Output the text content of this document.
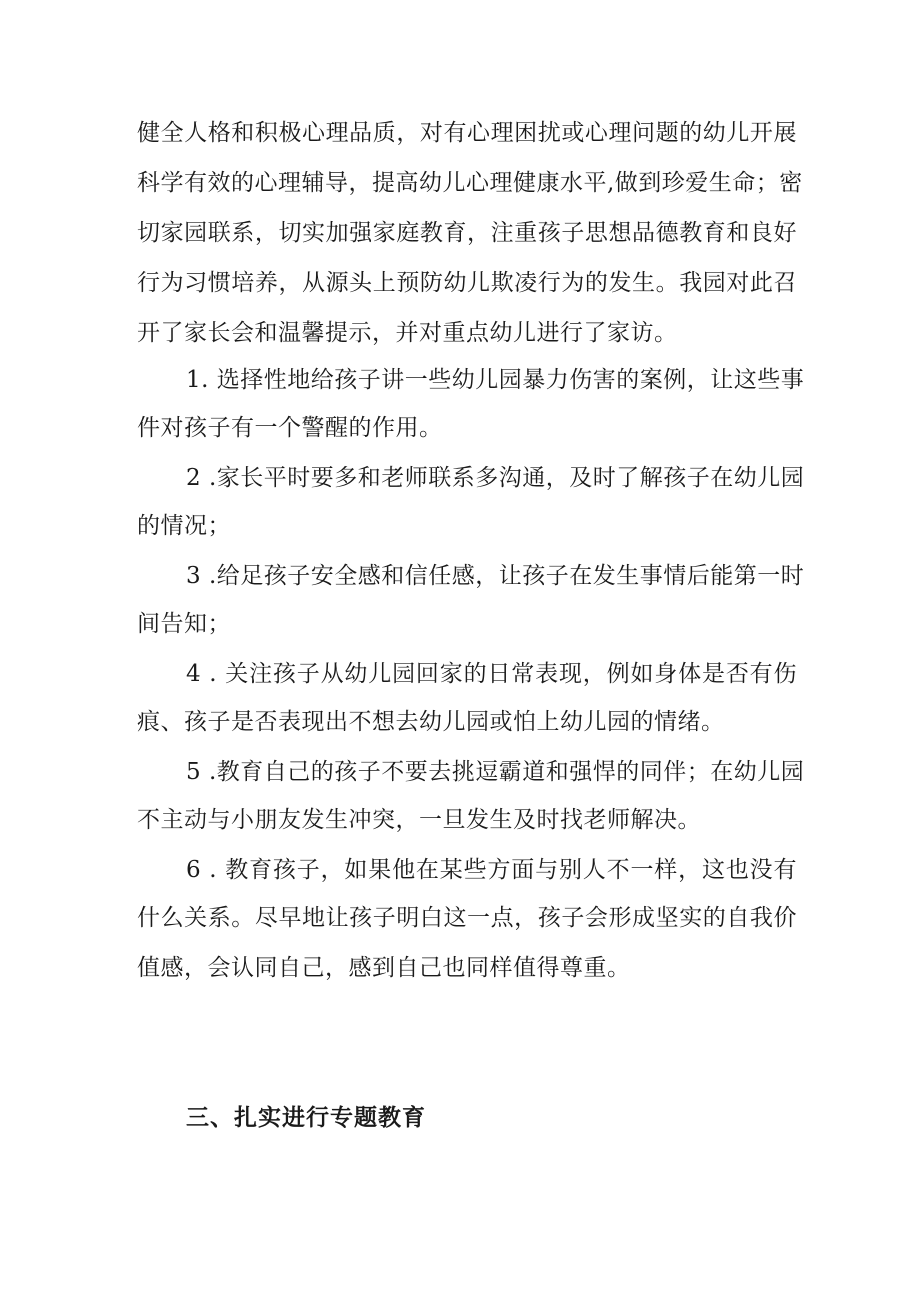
健全人格和积极心理品质，对有心理困扰或心理问题的幼儿开展
科学有效的心理辅导，提高幼儿心理健康水平,做到珍爱生命；密
切家园联系，切实加强家庭教育，注重孩子思想品德教育和良好
行为习惯培养，从源头上预防幼儿欺凌行为的发生。我园对此召
开了家长会和温馨提示，并对重点幼儿进行了家访。
1. 选择性地给孩子讲一些幼儿园暴力伤害的案例，让这些事
件对孩子有一个警醒的作用。
2 .家长平时要多和老师联系多沟通，及时了解孩子在幼儿园
的情况；
3 .给足孩子安全感和信任感，让孩子在发生事情后能第一时
间告知；
4 . 关注孩子从幼儿园回家的日常表现，例如身体是否有伤
痕、孩子是否表现出不想去幼儿园或怕上幼儿园的情绪。
5 .教育自己的孩子不要去挑逗霸道和强悍的同伴；在幼儿园
不主动与小朋友发生冲突，一旦发生及时找老师解决。
6 . 教育孩子，如果他在某些方面与别人不一样，这也没有
什么关系。尽早地让孩子明白这一点，孩子会形成坚实的自我价
值感，会认同自己，感到自己也同样值得尊重。
三、扎实进行专题教育
